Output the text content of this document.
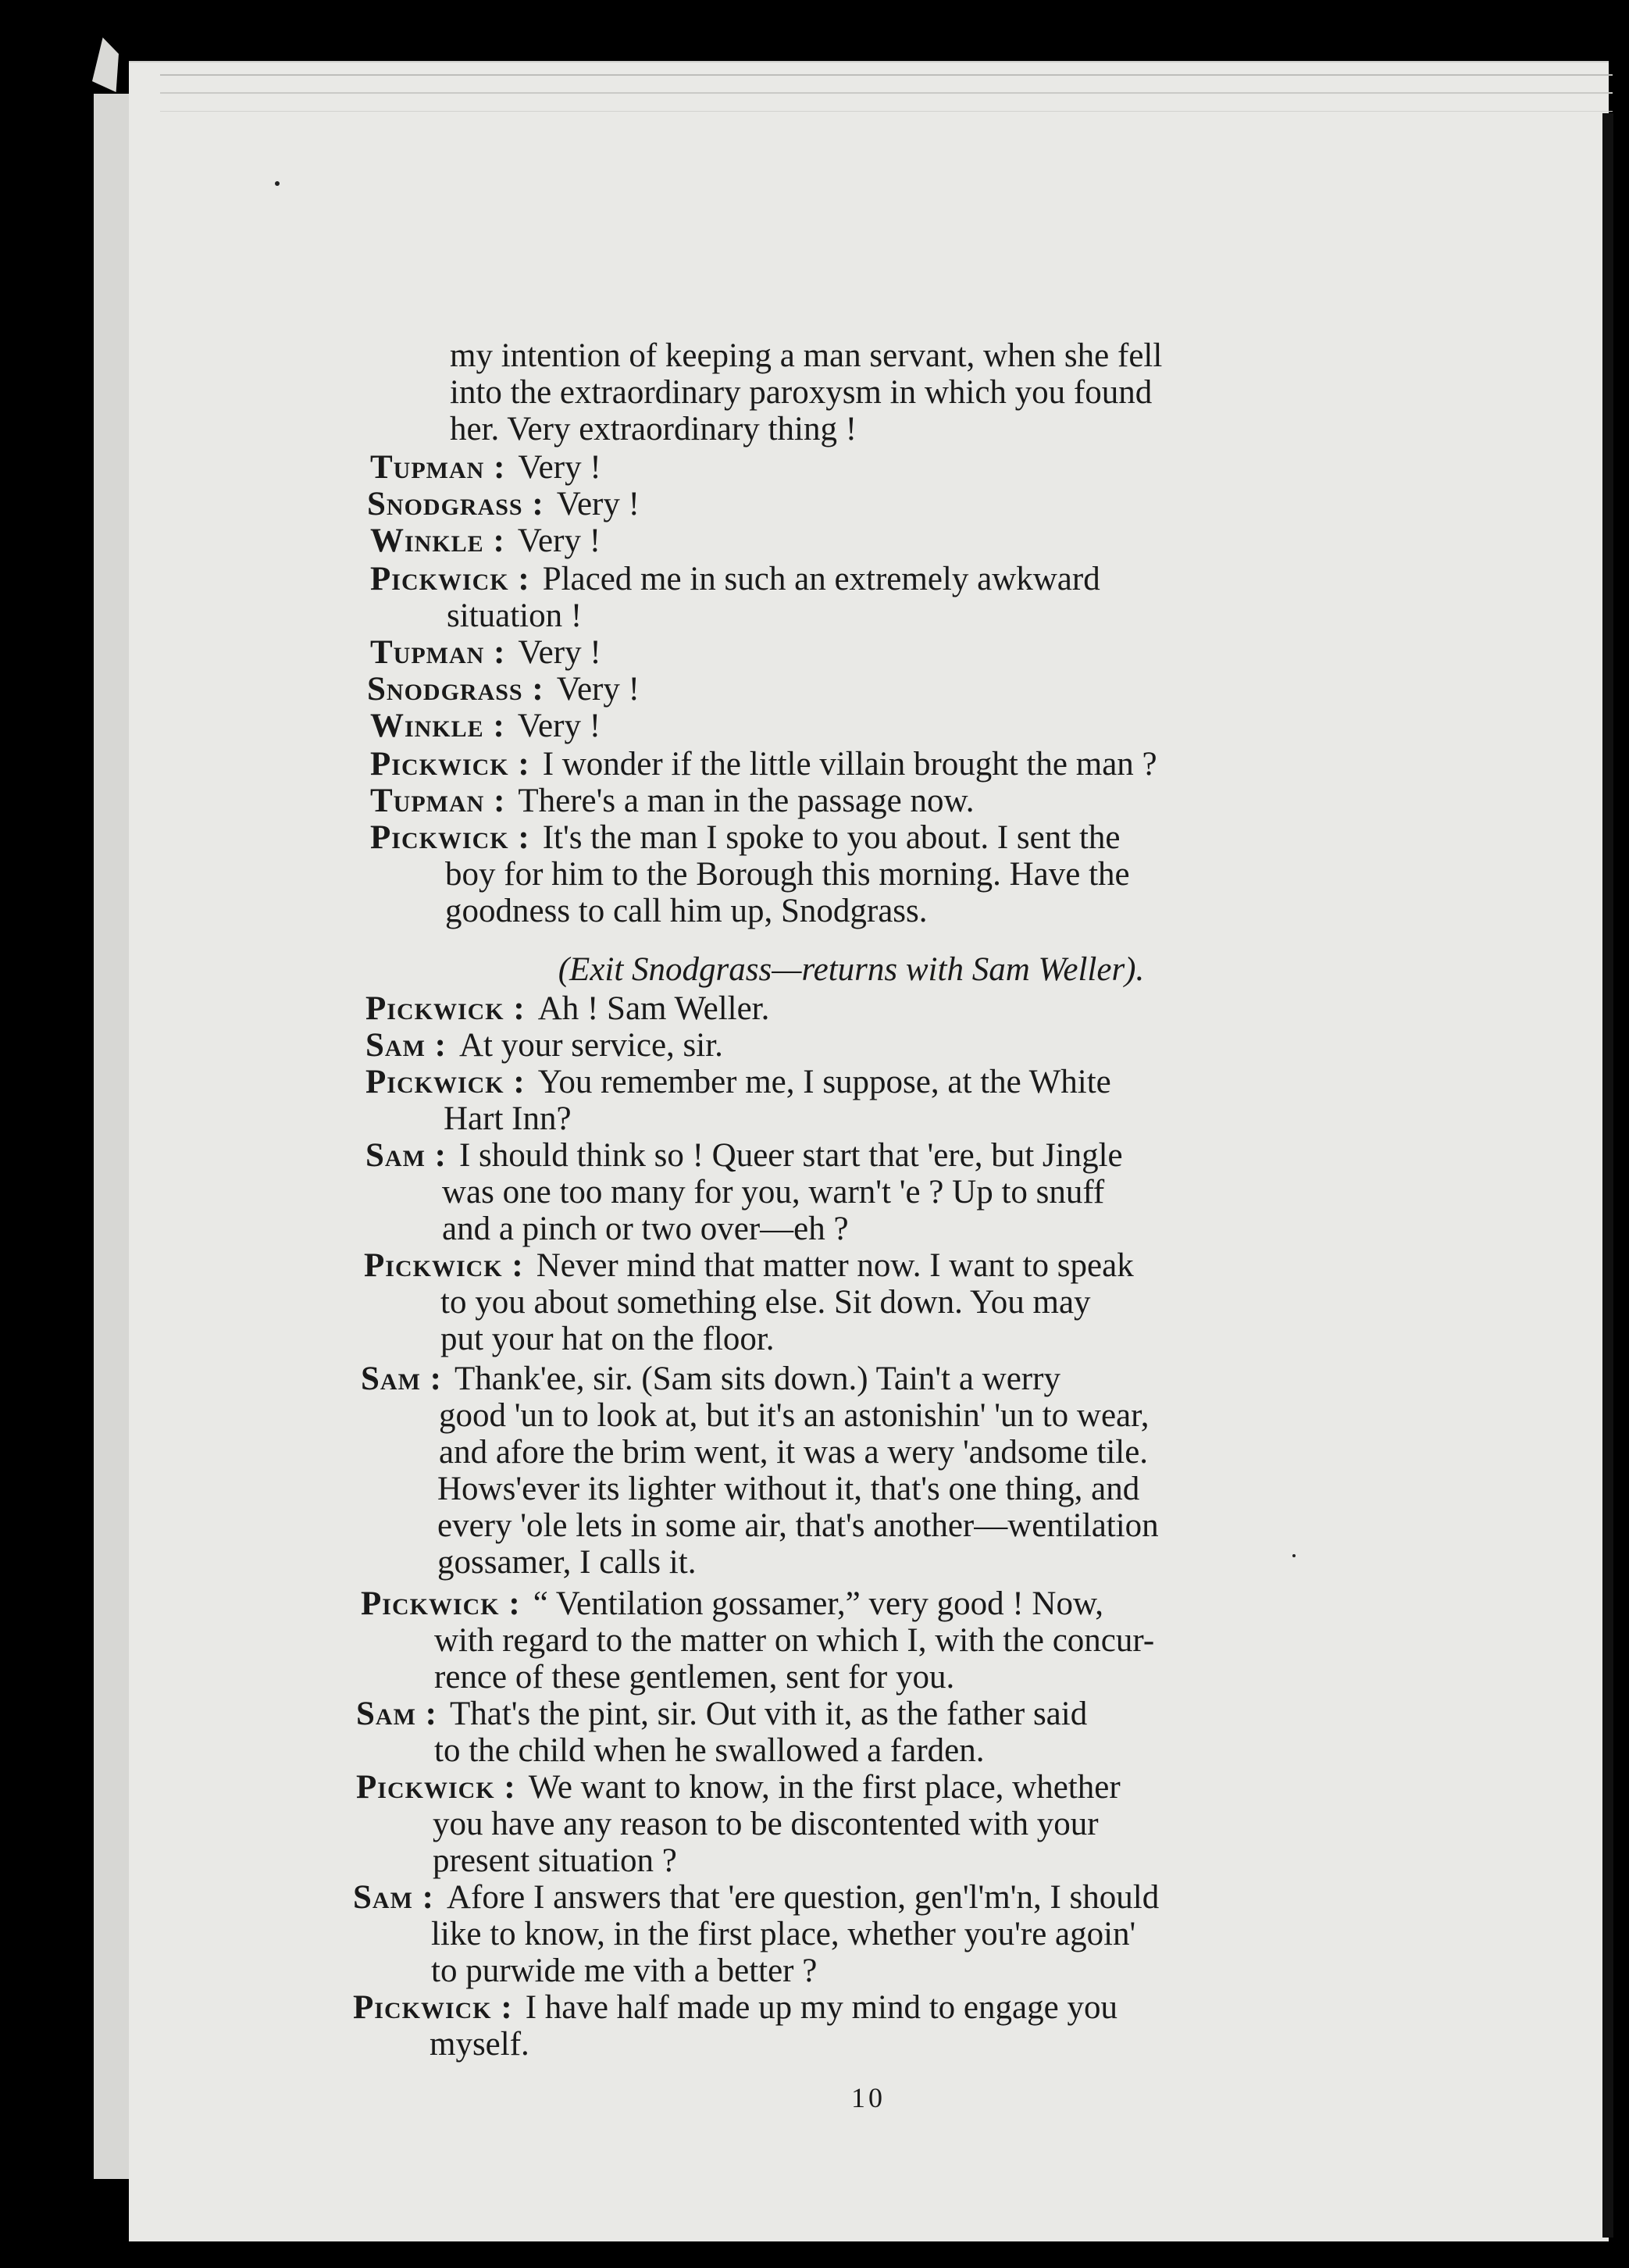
my intention of keeping a man servant, when she fell
into the extraordinary paroxysm in which you found
her. Very extraordinary thing !
Tupman : Very !
Snodgrass : Very !
Winkle : Very !
Pickwick : Placed me in such an extremely awkward
situation !
Tupman : Very !
Snodgrass : Very !
Winkle : Very !
Pickwick : I wonder if the little villain brought the man ?
Tupman : There's a man in the passage now.
Pickwick : It's the man I spoke to you about. I sent the
boy for him to the Borough this morning. Have the
goodness to call him up, Snodgrass.
(Exit Snodgrass—returns with Sam Weller).
Pickwick : Ah ! Sam Weller.
Sam : At your service, sir.
Pickwick : You remember me, I suppose, at the White
Hart Inn?
Sam : I should think so ! Queer start that 'ere, but Jingle
was one too many for you, warn't 'e ? Up to snuff
and a pinch or two over—eh ?
Pickwick : Never mind that matter now. I want to speak
to you about something else. Sit down. You may
put your hat on the floor.
Sam : Thank'ee, sir. (Sam sits down.) Tain't a werry
good 'un to look at, but it's an astonishin' 'un to wear,
and afore the brim went, it was a wery 'andsome tile.
Hows'ever its lighter without it, that's one thing, and
every 'ole lets in some air, that's another—wentilation
gossamer, I calls it.
Pickwick : “ Ventilation gossamer,” very good ! Now,
with regard to the matter on which I, with the concur-
rence of these gentlemen, sent for you.
Sam : That's the pint, sir. Out vith it, as the father said
to the child when he swallowed a farden.
Pickwick : We want to know, in the first place, whether
you have any reason to be discontented with your
present situation ?
Sam : Afore I answers that 'ere question, gen'l'm'n, I should
like to know, in the first place, whether you're agoin'
to purwide me vith a better ?
Pickwick : I have half made up my mind to engage you
myself.
10
